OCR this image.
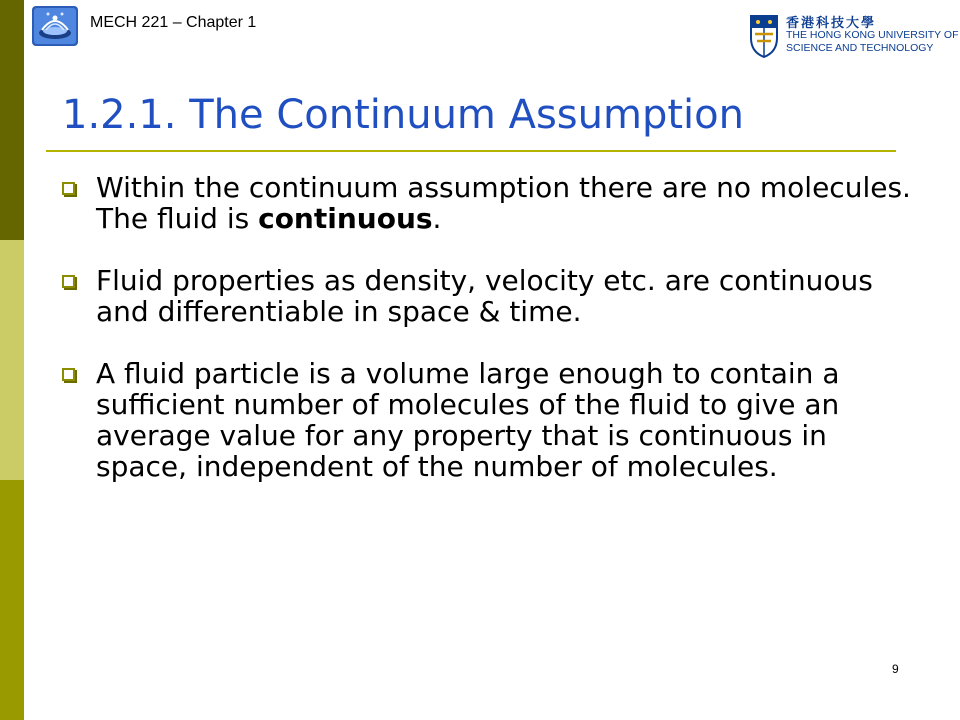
MECH 221 – Chapter 1	香港科技大學
THE HONG KONG UNIVERSITY OF
SCIENCE AND TECHNOLOGY
1.2.1. The Continuum Assumption
Within the continuum assumption there are no molecules. The fluid is continuous.
Fluid properties as density, velocity etc. are continuous and differentiable in space & time.
A fluid particle is a volume large enough to contain a sufficient number of molecules of the fluid to give an average value for any property that is continuous in space, independent of the number of molecules.
9
